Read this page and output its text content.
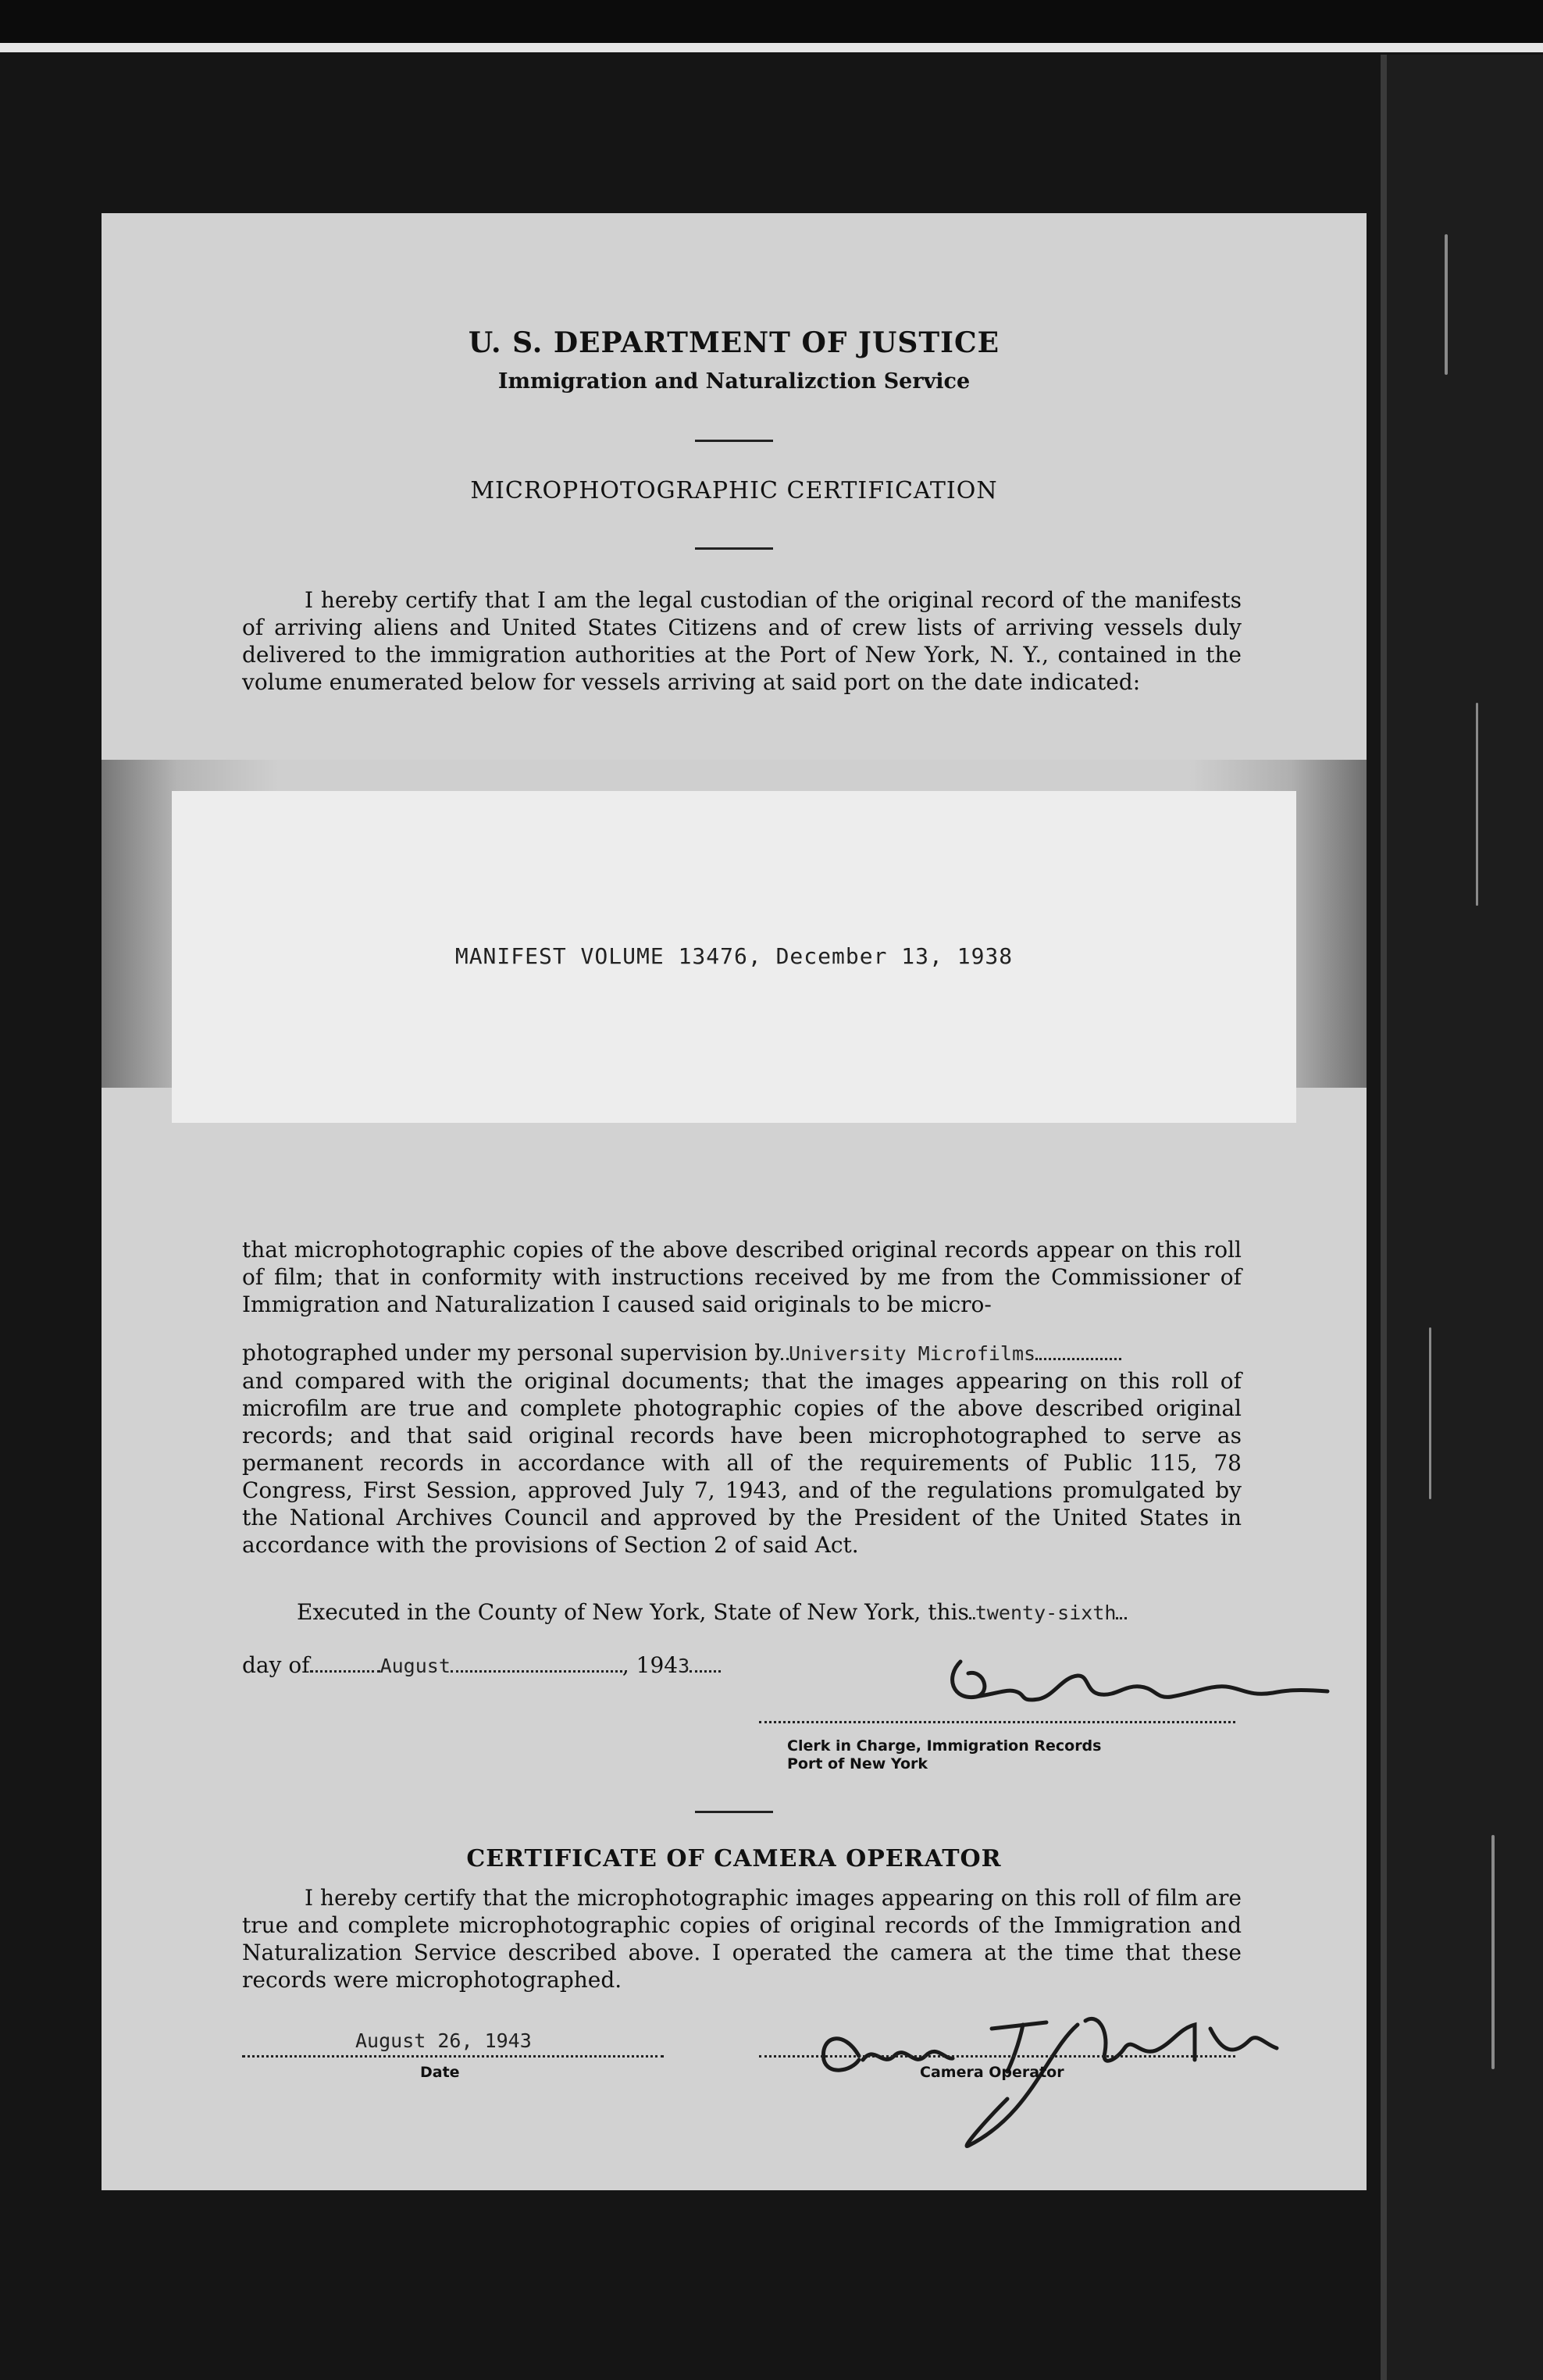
U. S. DEPARTMENT OF JUSTICE
Immigration and Naturalizсtion Service
MICROPHOTOGRAPHIC CERTIFICATION

I hereby certify that I am the legal custodian of the original record of the manifests of arriving aliens and United States Citizens and of crew lists of arriving vessels duly delivered to the immigration authorities at the Port of New York, N. Y., contained in the volume enumerated below for vessels arriving at said port on the date indicated:

MANIFEST VOLUME 13476, December 13, 1938

that microphotographic copies of the above described original records appear on this roll of film; that in conformity with instructions received by me from the Commissioner of Immigration and Naturalization I caused said originals to be micro-

photographed under my personal supervision by University Microfilms

and compared with the original documents; that the images appearing on this roll of microfilm are true and complete photographic copies of the above described original records; and that said original records have been microphotographed to serve as permanent records in accordance with all of the requirements of Public 115, 78 Congress, First Session, approved July 7, 1943, and of the regulations promulgated by the National Archives Council and approved by the President of the United States in accordance with the provisions of Section 2 of said Act.

Executed in the County of New York, State of New York, this twenty-sixth
day of	August	, 1943
Clerk in Charge, Immigration Records
Port of New York
CERTIFICATE OF CAMERA OPERATOR

I hereby certify that the microphotographic images appearing on this roll of film are true and complete microphotographic copies of original records of the Immigration and Naturalization Service described above. I operated the camera at the time that these records were microphotographed.

August 26, 1943
Date	Camera Operator
